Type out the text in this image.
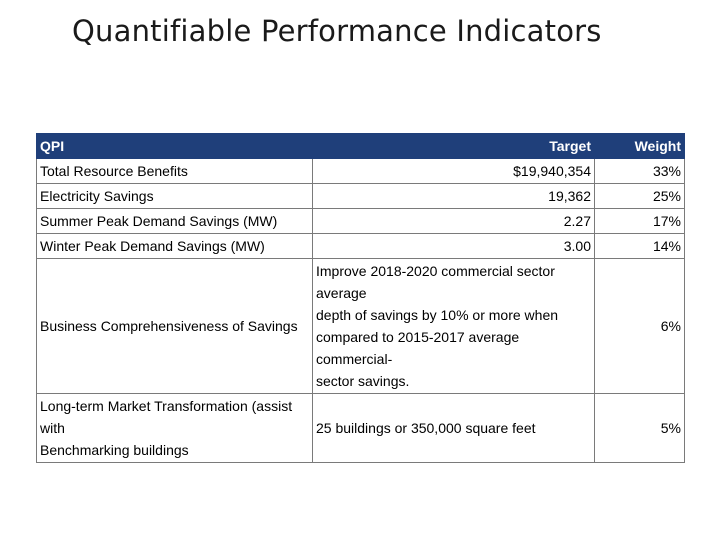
Quantifiable Performance Indicators
QPI	Target	Weight
Total Resource Benefits	$19,940,354	33%
Electricity Savings	19,362	25%
Summer Peak Demand Savings (MW)	2.27	17%
Winter Peak Demand Savings (MW)	3.00	14%
Business Comprehensiveness of Savings	Improve 2018-2020 commercial sector average
depth of savings by 10% or more when
compared to 2015-2017 average commercial-
sector savings.	6%

Long-term Market Transformation (assist with
Benchmarking buildings	25 buildings or 350,000 square feet	5%
